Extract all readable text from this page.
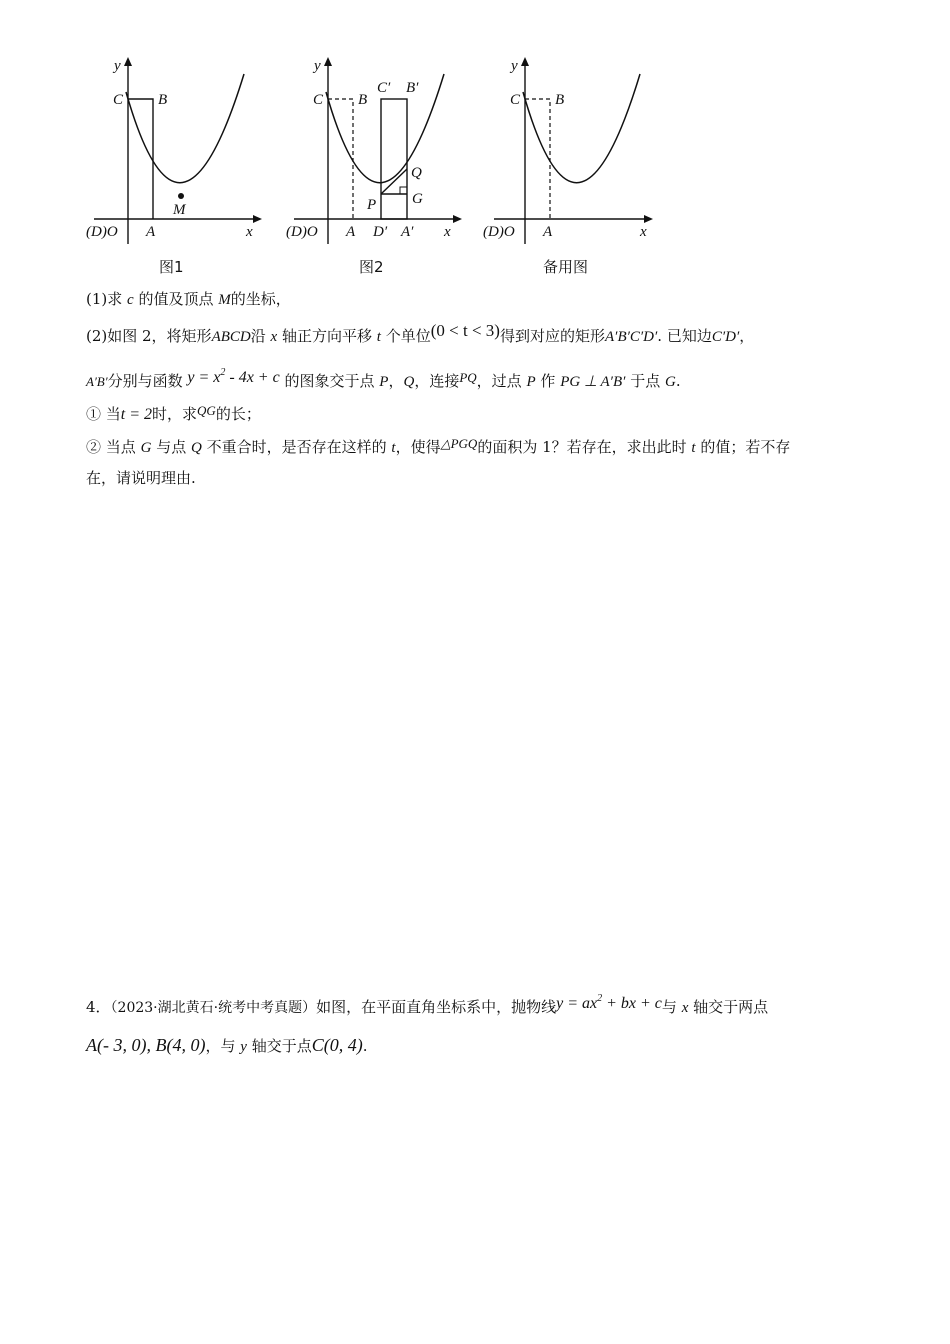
y
C B
M
(D)O A	x
图1
y
C B
C′ B′
Q
G
P
(D)O A D′ A′ x
图2
y
C B
(D)O A	x
备用图
(1)求 c 的值及顶点 M的坐标，
(2)如图 2，将矩形ABCD沿 x 轴正方向平移 t 个单位(0 < t < 3)得到对应的矩形A′B′C′D′. 已知边C′D′，
A′B′分别与函数 $y = x^2 - 4x + c$ 的图象交于点 P，Q，连接PQ，过点 P 作 PG ⊥ A′B′ 于点 G.
① 当t = 2时，求QG的长；
② 当点 G 与点 Q 不重合时，是否存在这样的 t，使得△PGQ的面积为 1？若存在，求出此时 t 的值；若不存
在，请说明理由.
4．（2023·湖北黄石·统考中考真题）如图，在平面直角坐标系中，抛物线$y = ax^2$ + bx + c与 x 轴交于两点
A(- 3, 0), B(4, 0)，与 y 轴交于点C(0, 4).
